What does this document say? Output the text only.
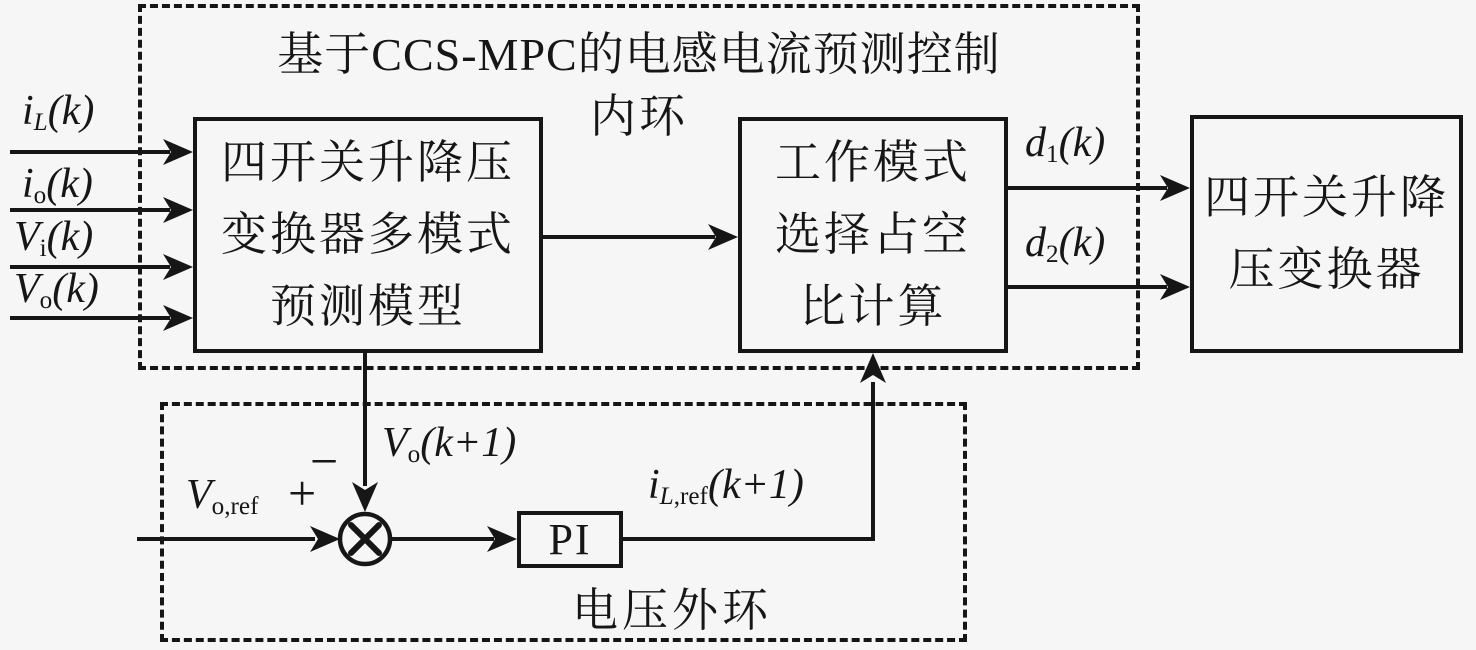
基于CCS-MPC的电感电流预测控制
内环
四开关升降压
变换器多模式
预测模型
工作模式
选择占空
比计算
四开关升降
压变换器
PI
iL(k)
io(k)
Vi(k)
Vo(k)
d1(k)
d2(k)
Vo(k+1)
Vo,ref	iL,ref(k+1)
−
+
电压外环
